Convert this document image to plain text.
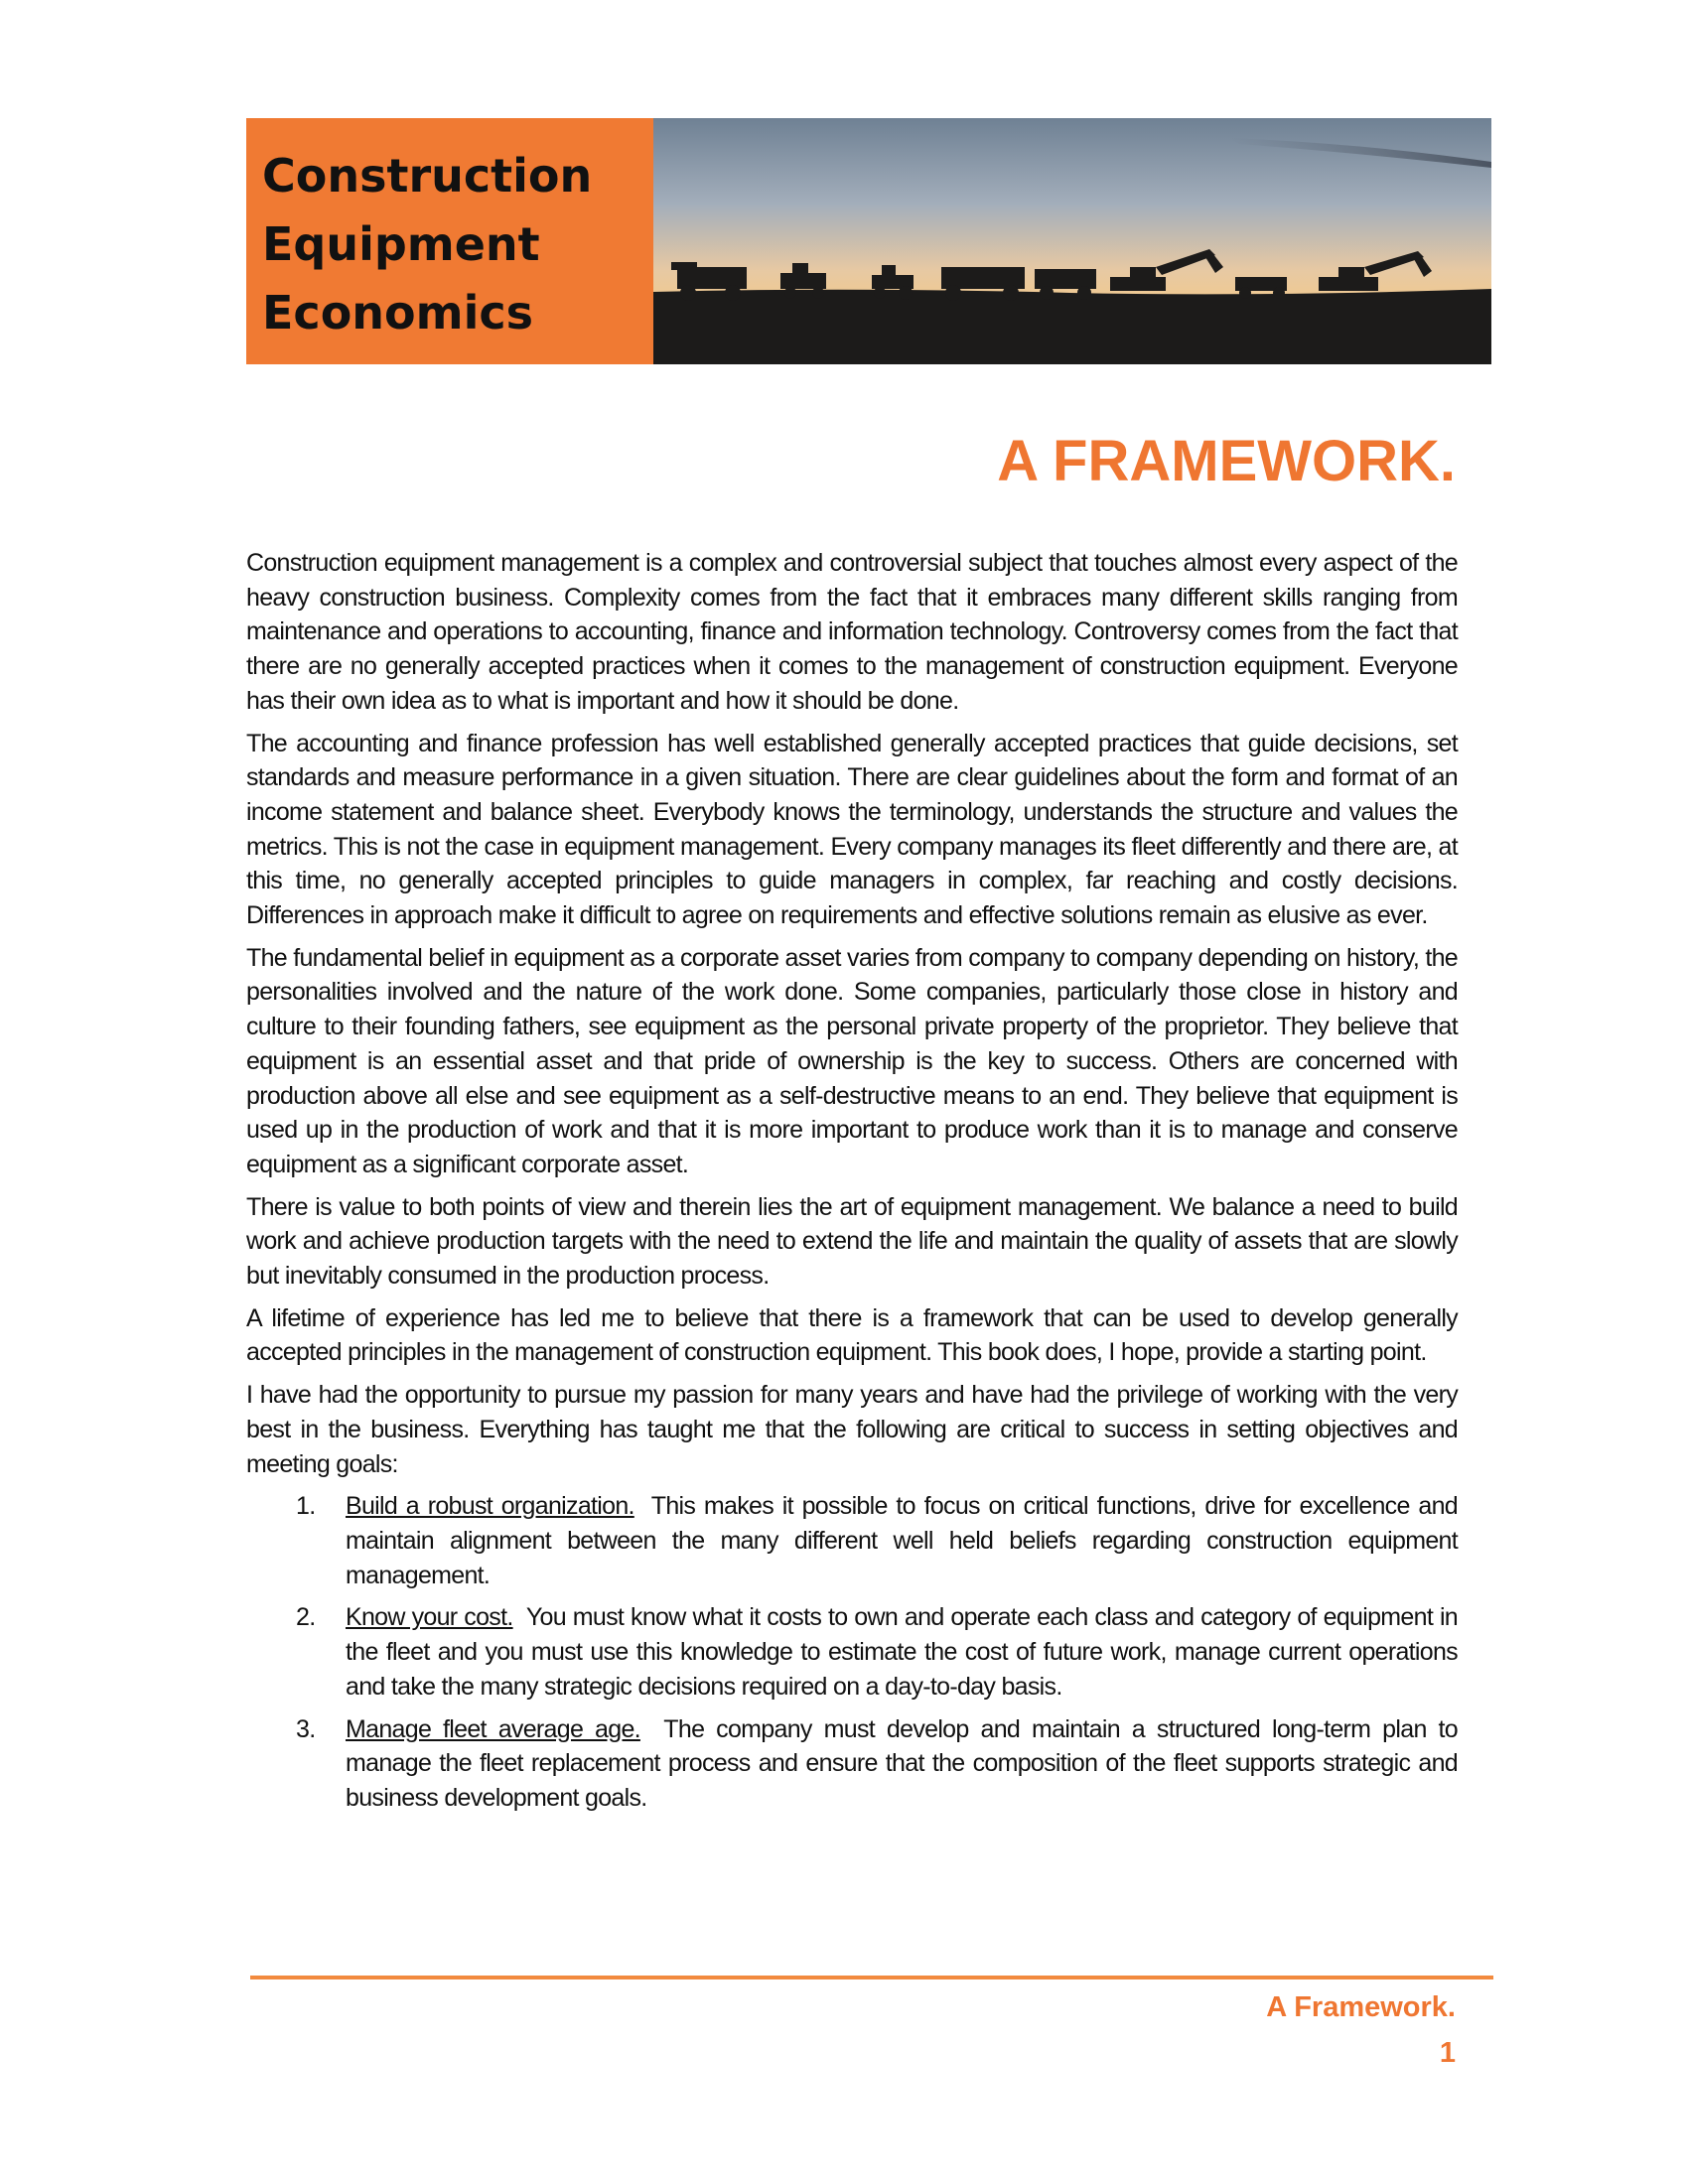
Construction
Equipment
Economics
A FRAMEWORK.

Construction equipment management is a complex and controversial subject that touches almost every aspect of the heavy construction business. Complexity comes from the fact that it embraces many different skills ranging from maintenance and operations to accounting, finance and information technology. Controversy comes from the fact that there are no generally accepted practices when it comes to the management of construction equipment. Everyone has their own idea as to what is important and how it should be done.

The accounting and finance profession has well established generally accepted practices that guide decisions, set standards and measure performance in a given situation. There are clear guidelines about the form and format of an income statement and balance sheet. Everybody knows the terminology, understands the structure and values the metrics. This is not the case in equipment management. Every company manages its fleet differently and there are, at this time, no generally accepted principles to guide managers in complex, far reaching and costly decisions. Differences in approach make it difficult to agree on requirements and effective solutions remain as elusive as ever.

The fundamental belief in equipment as a corporate asset varies from company to company depending on history, the personalities involved and the nature of the work done. Some companies, particularly those close in history and culture to their founding fathers, see equipment as the personal private property of the proprietor. They believe that equipment is an essential asset and that pride of ownership is the key to success. Others are concerned with production above all else and see equipment as a self-destructive means to an end. They believe that equipment is used up in the production of work and that it is more important to produce work than it is to manage and conserve equipment as a significant corporate asset.

There is value to both points of view and therein lies the art of equipment management. We balance a need to build work and achieve production targets with the need to extend the life and maintain the quality of assets that are slowly but inevitably consumed in the production process.

A lifetime of experience has led me to believe that there is a framework that can be used to develop generally accepted principles in the management of construction equipment. This book does, I hope, provide a starting point.

I have had the opportunity to pursue my passion for many years and have had the privilege of working with the very best in the business. Everything has taught me that the following are critical to success in setting objectives and meeting goals:

1. Build a robust organization. This makes it possible to focus on critical functions, drive for excellence and maintain alignment between the many different well held beliefs regarding construction equipment management.
2. Know your cost. You must know what it costs to own and operate each class and category of equipment in the fleet and you must use this knowledge to estimate the cost of future work, manage current operations and take the many strategic decisions required on a day-to-day basis.
3. Manage fleet average age. The company must develop and maintain a structured long-term plan to manage the fleet replacement process and ensure that the composition of the fleet supports strategic and business development goals.
A Framework.
1
